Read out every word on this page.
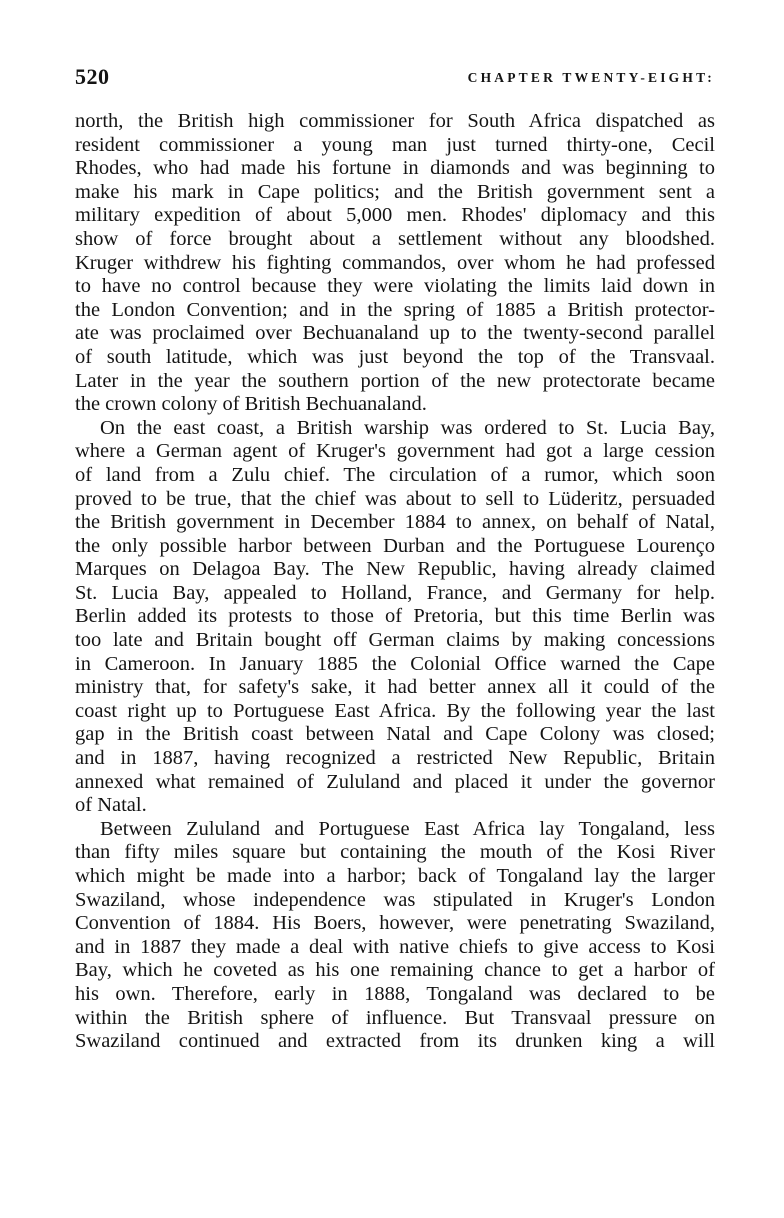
520	CHAPTER TWENTY-EIGHT:
north, the British high commissioner for South Africa dispatched as
resident commissioner a young man just turned thirty-one, Cecil
Rhodes, who had made his fortune in diamonds and was beginning to
make his mark in Cape politics; and the British government sent a
military expedition of about 5,000 men. Rhodes' diplomacy and this
show of force brought about a settlement without any bloodshed.
Kruger withdrew his fighting commandos, over whom he had professed
to have no control because they were violating the limits laid down in
the London Convention; and in the spring of 1885 a British protector-
ate was proclaimed over Bechuanaland up to the twenty-second parallel
of south latitude, which was just beyond the top of the Transvaal.
Later in the year the southern portion of the new protectorate became
the crown colony of British Bechuanaland.
On the east coast, a British warship was ordered to St. Lucia Bay,
where a German agent of Kruger's government had got a large cession
of land from a Zulu chief. The circulation of a rumor, which soon
proved to be true, that the chief was about to sell to Lüderitz, persuaded
the British government in December 1884 to annex, on behalf of Natal,
the only possible harbor between Durban and the Portuguese Lourenço
Marques on Delagoa Bay. The New Republic, having already claimed
St. Lucia Bay, appealed to Holland, France, and Germany for help.
Berlin added its protests to those of Pretoria, but this time Berlin was
too late and Britain bought off German claims by making concessions
in Cameroon. In January 1885 the Colonial Office warned the Cape
ministry that, for safety's sake, it had better annex all it could of the
coast right up to Portuguese East Africa. By the following year the last
gap in the British coast between Natal and Cape Colony was closed;
and in 1887, having recognized a restricted New Republic, Britain
annexed what remained of Zululand and placed it under the governor
of Natal.
Between Zululand and Portuguese East Africa lay Tongaland, less
than fifty miles square but containing the mouth of the Kosi River
which might be made into a harbor; back of Tongaland lay the larger
Swaziland, whose independence was stipulated in Kruger's London
Convention of 1884. His Boers, however, were penetrating Swaziland,
and in 1887 they made a deal with native chiefs to give access to Kosi
Bay, which he coveted as his one remaining chance to get a harbor of
his own. Therefore, early in 1888, Tongaland was declared to be
within the British sphere of influence. But Transvaal pressure on
Swaziland continued and extracted from its drunken king a will
